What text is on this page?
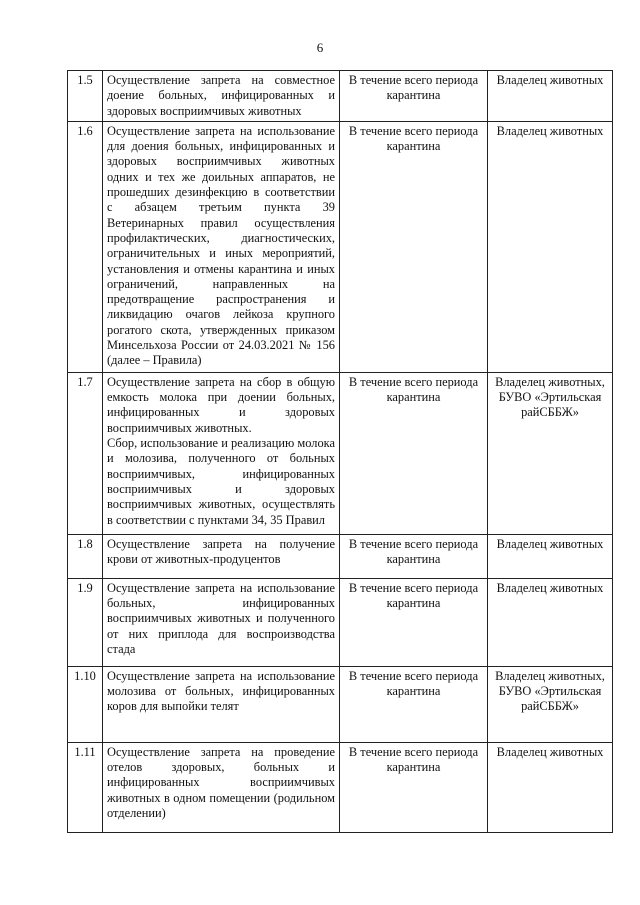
6
1.5	Осуществление запрета на совместное доение больных, инфицированных и здоровых восприимчивых животных	В течение всего периода карантина	Владелец животных
1.6	Осуществление запрета на использование для доения больных, инфицированных и здоровых восприимчивых животных одних и тех же доильных аппаратов, не прошедших дезинфекцию в соответствии с абзацем третьим пункта 39 Ветеринарных правил осуществления профилактических, диагностических, ограничительных и иных мероприятий, установления и отмены карантина и иных ограничений, направленных на предотвращение распространения и ликвидацию очагов лейкоза крупного рогатого скота, утвержденных приказом Минсельхоза России от 24.03.2021 № 156 (далее – Правила)	В течение всего периода карантина	Владелец животных
1.7	Осуществление запрета на сбор в общую емкость молока при доении больных, инфицированных и здоровых восприимчивых животных.
Сбор, использование и реализацию молока и молозива, полученного от больных восприимчивых, инфицированных восприимчивых и здоровых восприимчивых животных, осуществлять в соответствии с пунктами 34, 35 Правил	В течение всего периода карантина	Владелец животных, БУВО «Эртильская райСББЖ»
1.8	Осуществление запрета на получение крови от животных-продуцентов	В течение всего периода карантина	Владелец животных
1.9	Осуществление запрета на использование больных, инфицированных восприимчивых животных и полученного от них приплода для воспроизводства стада	В течение всего периода карантина	Владелец животных
1.10	Осуществление запрета на использование молозива от больных, инфицированных коров для выпойки телят	В течение всего периода карантина	Владелец животных, БУВО «Эртильская райСББЖ»
1.11	Осуществление запрета на проведение отелов здоровых, больных и инфицированных восприимчивых животных в одном помещении (родильном отделении)	В течение всего периода карантина	Владелец животных
